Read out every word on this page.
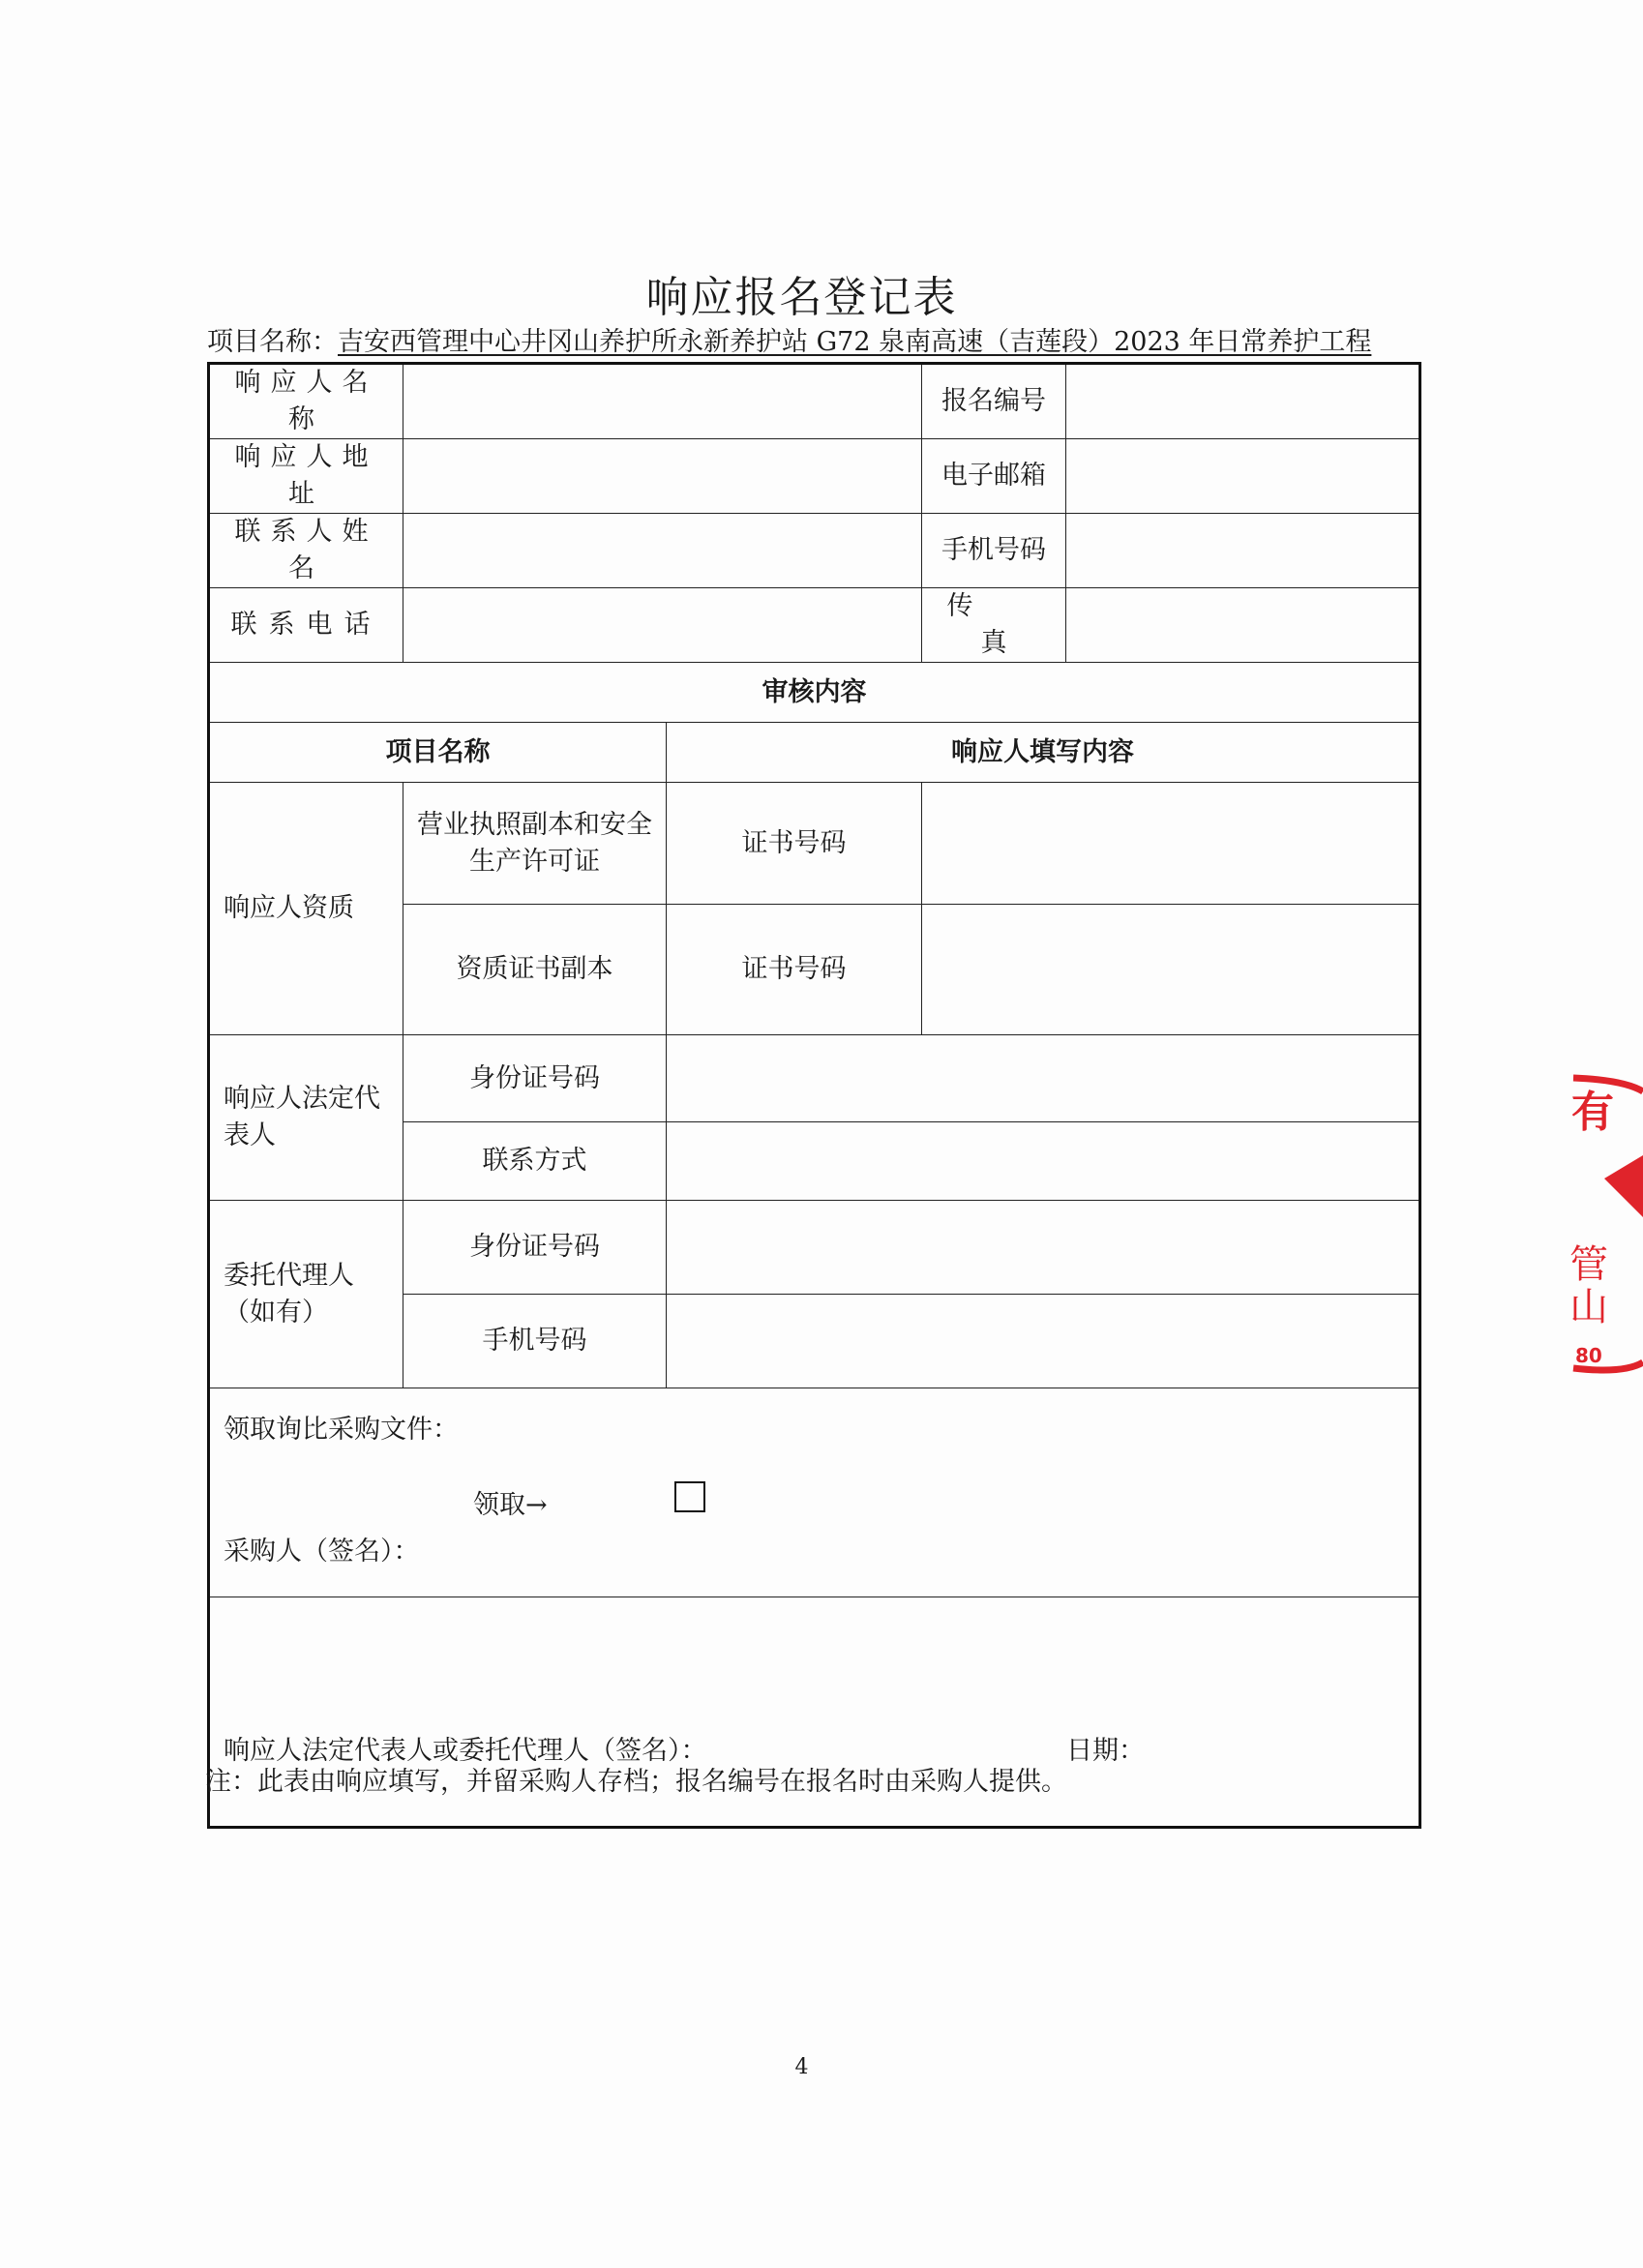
响应报名登记表
项目名称：吉安西管理中心井冈山养护所永新养护站 G72 泉南高速（吉莲段）2023 年日常养护工程
响应人名称			报名编号	
响应人地址			电子邮箱	
联系人姓名			手机号码	
联系电话			传真	
审核内容				
项目名称		响应人填写内容		
响应人资质	营业执照副本和安全生产许可证	证书号码		
	资质证书副本	证书号码		
响应人法定代表人	身份证号码			
	联系方式			
委托代理人（如有）	身份证号码			
	手机号码			

领取询比采购文件：
领取→
采购人（签名）：				

响应人法定代表人或委托代理人（签名）： 日期：				
注：此表由响应填写，并留采购人存档；报名编号在报名时由采购人提供。
4
有
管
山
80
